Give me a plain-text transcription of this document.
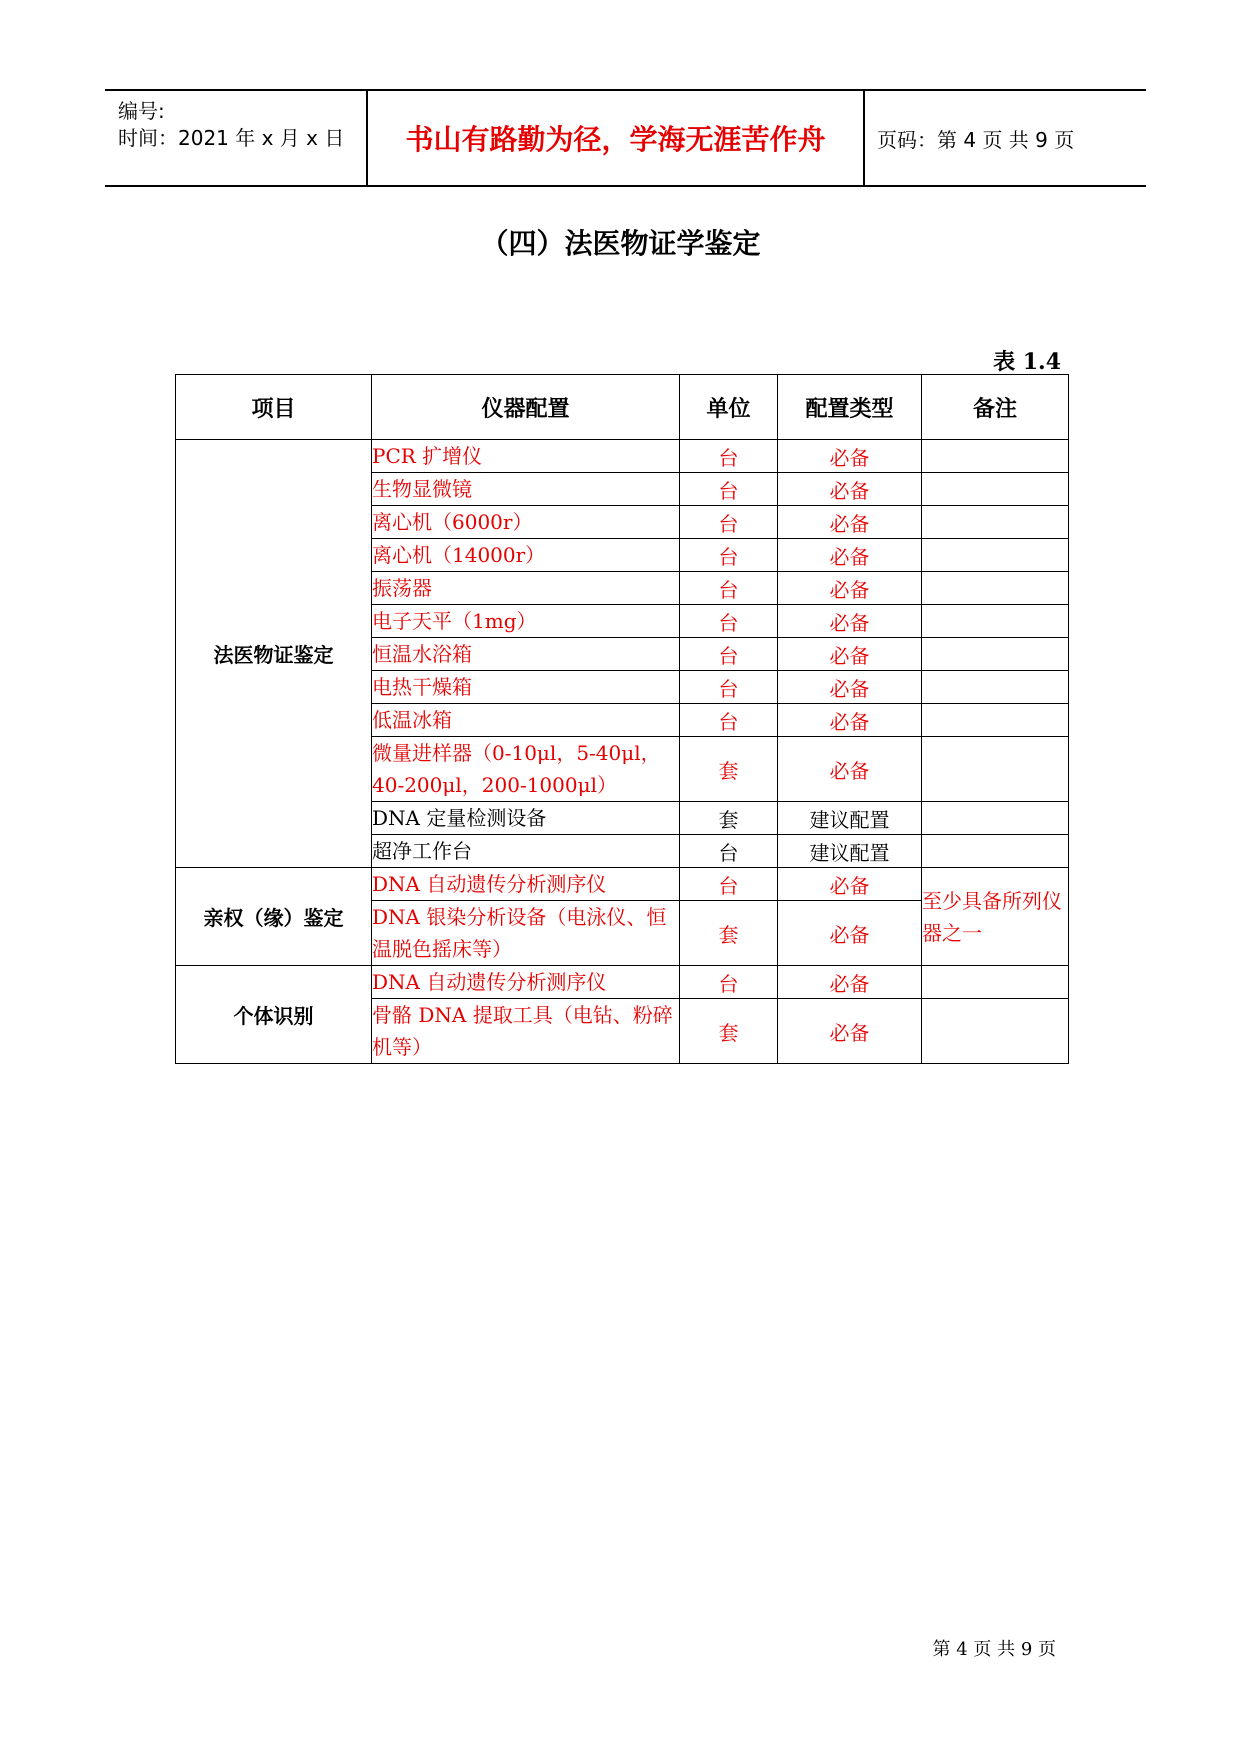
编号:
时间：2021 年 x 月 x 日	书山有路勤为径，学海无涯苦作舟	页码：第 4 页 共 9 页
（四）法医物证学鉴定
表 1.4
项目	仪器配置	单位	配置类型	备注
法医物证鉴定	PCR 扩增仪	台	必备	
	生物显微镜	台	必备	
	离心机（6000r）	台	必备	
	离心机（14000r）	台	必备	
	振荡器	台	必备	
	电子天平（1mg）	台	必备	
	恒温水浴箱	台	必备	
	电热干燥箱	台	必备	
	低温冰箱	台	必备	
	微量进样器（0-10μl，5-40μl，40-200μl，200-1000μl）	套	必备	
	DNA 定量检测设备	套	建议配置	
	超净工作台	台	建议配置	
亲权（缘）鉴定	DNA 自动遗传分析测序仪	台	必备	至少具备所列仪器之一
	DNA 银染分析设备（电泳仪、恒温脱色摇床等）	套	必备	
个体识别	DNA 自动遗传分析测序仪	台	必备	
	骨骼 DNA 提取工具（电钻、粉碎机等）	套	必备	
第 4 页 共 9 页
